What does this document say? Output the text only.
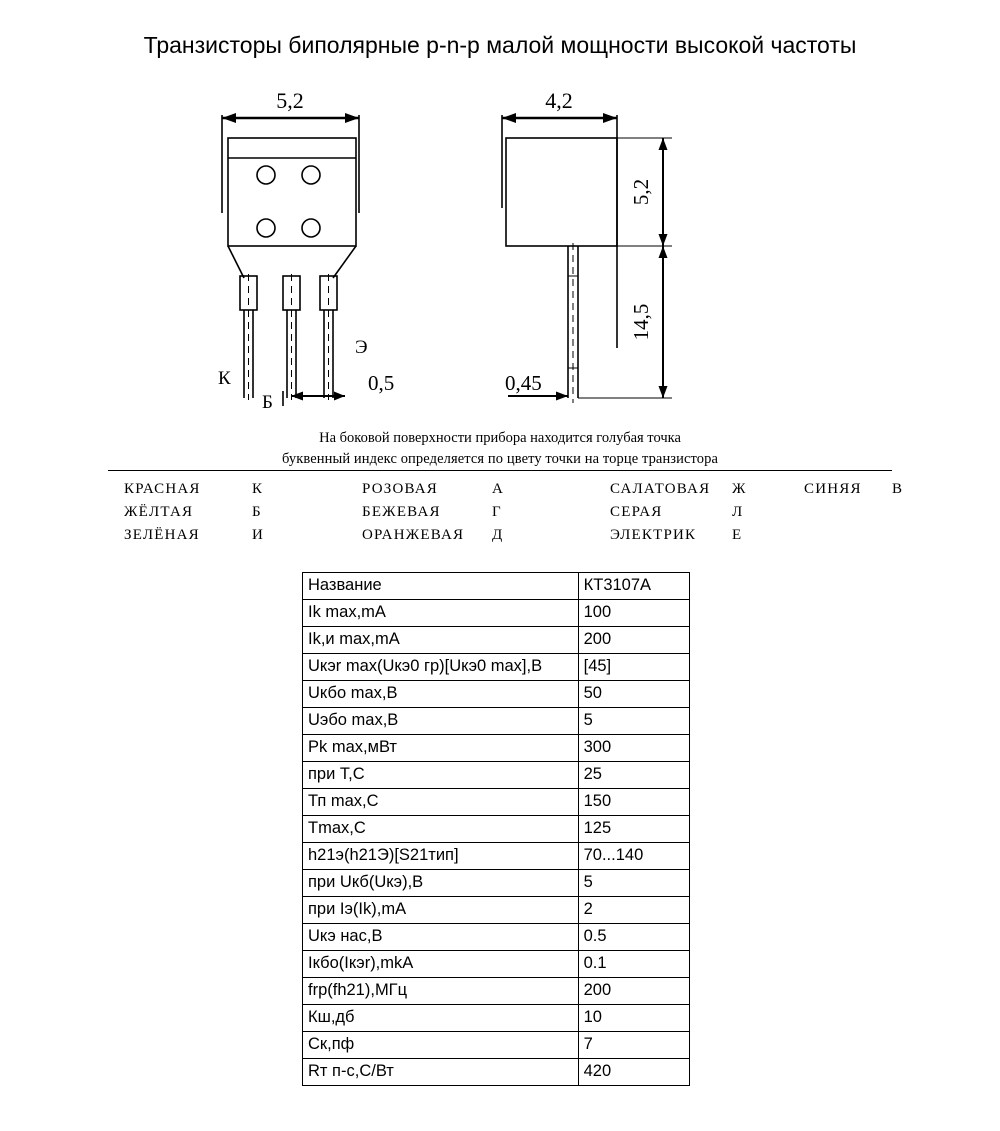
Транзисторы биполярные p-n-p малой мощности высокой частоты
5,2	4,2
0,5	0,45
5,2
14,5
К
Б
Э
На боковой поверхности прибора находится голубая точка
буквенный индекс определяется по цвету точки на торце транзистора
КРАСНАЯ	К	РОЗОВАЯ	А	САЛАТОВАЯ	Ж	СИНЯЯ	В
ЖЁЛТАЯ	Б	БЕЖЕВАЯ	Г	СЕРАЯ	Л		
ЗЕЛЁНАЯ	И	ОРАНЖЕВАЯ	Д	ЭЛЕКТРИК	Е		
Название	КТ3107А
Ik max,mA	100
Ik,и max,mA	200
Uкэr max(Uкэ0 гр)[Uкэ0 max],В	[45]
Uкбо max,В	50
Uэбо max,В	5
Pk max,мВт	300
при Т,С	25
Тп max,С	150
Тmax,С	125
h21э(h21Э)[S21тип]	70...140
при Uкб(Uкэ),В	5
при Iэ(Ik),mA	2
Uкэ нас,В	0.5
Iкбо(Iкэr),mkA	0.1
frp(fh21),МГц	200
Кш,дб	10
Ск,пф	7
Rт п-с,С/Вт	420
